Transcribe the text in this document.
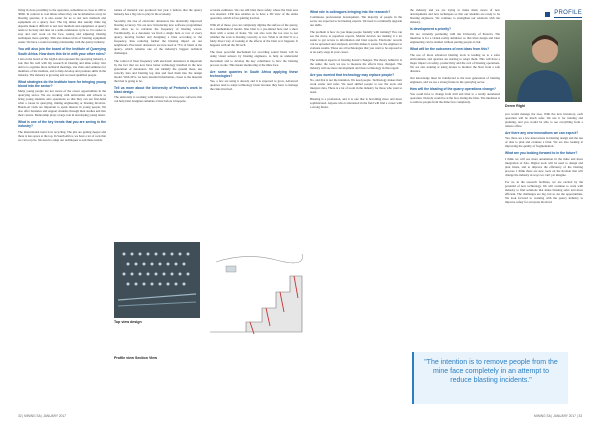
PROFILE

living in close proximity to the operation, sometimes as close as 200 to 300m. In contrast to coal mines where they can be kilometres away. In blasting quarries, it is also easier for us to test new methods and equipment on a quarry face. The big mines that usually mine big deposits make it difficult to test new methods and equipment. A quarry tends to be busy and runs on a semi-continuous cycle so it is easier to stop and start work on the face, testing and adjusting blasting techniques more quickly. This also makes trials of blasting equipment easier. We have a sound working relationship with the quarry industry.

You will also join the board of the Institute of Quarrying South Africa. How does this tie in with your other roles?

I am on the board of the IoQSA and represent the quarrying industry, a role that fits well with my research in blasting and mine safety. Our aim is to organise more technical meetings, site visits and seminars for members of the institute, and to help develop and promote skills in the industry. The industry is growing and we need qualified people.

What strategies do the Institute have for bringing young blood into the sector?

Many young people are not aware of the career opportunities in the quarrying sector. We are working with universities and schools to bring young students onto operations so that they can see first-hand what a career in quarrying, mining engineering or blasting involves. Hands-on visits are important to spark interest in young people. We also offer bursaries and support students through their studies and into their careers. Mentorship plays a large role in developing young talent.

What is one of the key trends that you are seeing in the industry?

The international trend is in recycling. The pits are getting deeper and there is less space at the top. In South Africa, we have a lot of rock that we can recycle. We need to adapt our techniques to suit these trends.

tonnes of material was produced last year. I believe that the quarry industry has a big role to play in the economy.

Secondly, the rise of electronic detonators has drastically improved blasting accuracy. We are now introducing new software programmes that allow us to calculate the frequency of blasting waves. Traditionally, as a detonator we fired a single hole or row at every quarry, moving further and designing a blast according to the frequency, thus reducing further the blasting impact on our neighbours. Electronic detonators are now used at 75% of blasts at the quarry, which remains one of the industry's biggest technical challenges.

The control of blast frequency with electronic detonators is important by the fact that we now have better technology installed in the new generation of detonators. We can identify the ground mass, use velocity data and blasting log data and feed them into the design model. With 20%, we have detailed information, closer to the material the blast is going to be.

Tell us more about the University of Pretoria's work in blast design.

The university is working with industry to develop new software that can help blast designers simulate a blast before it happens.

accurate estimates. We can still blast more safely where the blast area was situated. CPR also enables us to have a 3D view of the entire operation, which is fast gaining traction.

With all of these, you can completely digitise the surface of the quarry, in a mathematical model. One blast is a pre-mined hole and a short blast with a series of holes. We can also scan the toe area to see whether the scan is blasting correctly or not. What is all this? It is a fairly direct way of looking at the effects of the blast as it happens. It happens with all the 3D tech.

The most powerful mechanism for recording sound blasts will be using visual sensors by blasting engineers, to help us understand movement and to develop the key contributor to how the blasting process works. This means monitoring at the mine face.

Are some quarries in South Africa applying these technologies?

Yes, a few are using it already and it is expected to grow. Advanced quarries tend to adopt technology faster because they have to manage the risks involved.

Top view design
Profile view Section View
What role is colleagues bringing into the research?

Continuous professional development. The majority of people in the sector are expected to be blasting experts. We need to continually upgrade our skills.

The problem is how do you make people friendly with training? You can see the move to paperless reports. Mobile devices are making it a lot easier to get access to information and blast reports. Electronic records can be uploaded and analysed, and this makes it easier for the engineer to evaluate results. These are all technologies that you want to be exposed to at an early stage in your career.

The technical aspects of blasting haven't changed. The theory behind it is the same; the tools we use to measure the effects have changed. The industry will see more development and more technology in this regard.

Are you worried that technology may replace people?

No, and that is not the intention. We need people. Technology makes their work easier and safer. We need skilled people to use the tools and interpret data. There is a lot of room in the industry for those who want to learn.

Blasting is a profession, and it is one that is becoming more and more sophisticated. Anyone who is interested in the field will find a career with a strong future.

the industry and we are trying to make them aware of new developments and new techniques so that our students are ready to be blasting engineers. We continue to strengthen our relations with the industry.

Is development a priority?

We are currently partnering with the University of Pretoria. The intention is for a virtual reality simulator so that blast design and blast engineering can be studied without putting people at risk.

What will be the outcomes of new ideas from this?

The use of more advanced blasting tools is leading us to a safer environment, and quarries are starting to adopt them. This will have a major impact on safety, productivity and the cost of blasting operations. We are also looking at using drones to monitor the blast from a safe distance.

Our knowledge must be transferred to the next generation of blasting engineers, and we see a strong future in the quarrying sector.

How will the blasting of the quarry operations change?

You could have to change from drill and blast to a totally automated operation. Nobody would be at the face during the blast. The intention is to remove people from the mine face completely.

Deren Righi

you would manage the area. With the new inventory, each operation will be much safer. We use it for training and planning, and you would be able to see everything from a remote office.

Are there any new innovations we can expect?

Yes, there are a few innovations in blasting design and the use of data to plan and evaluate a blast. We are also looking at improving the quality of fragmentation.

What are you looking forward to in the future?

I think we will see more automation in the mine and more integration of data. Digital tools will be used to design and plan blasts, and to improve the efficiency of the blasting process. I think there are new tools on the horizon that will change the industry in ways we can't yet imagine.

For us, in the research facilities, we are excited by the potential of new technology. We will continue to work with industry to find solutions that make blasting safer and more efficient. The challenges are big, but so are the opportunities. We look forward to working with the quarry industry to improve safety for everyone involved.

"The intention is to remove people from the mine face completely in an attempt to reduce blasting incidents."
32 | MINING SA | JANUARY 2017	MINING SA | JANUARY 2017 | 33
